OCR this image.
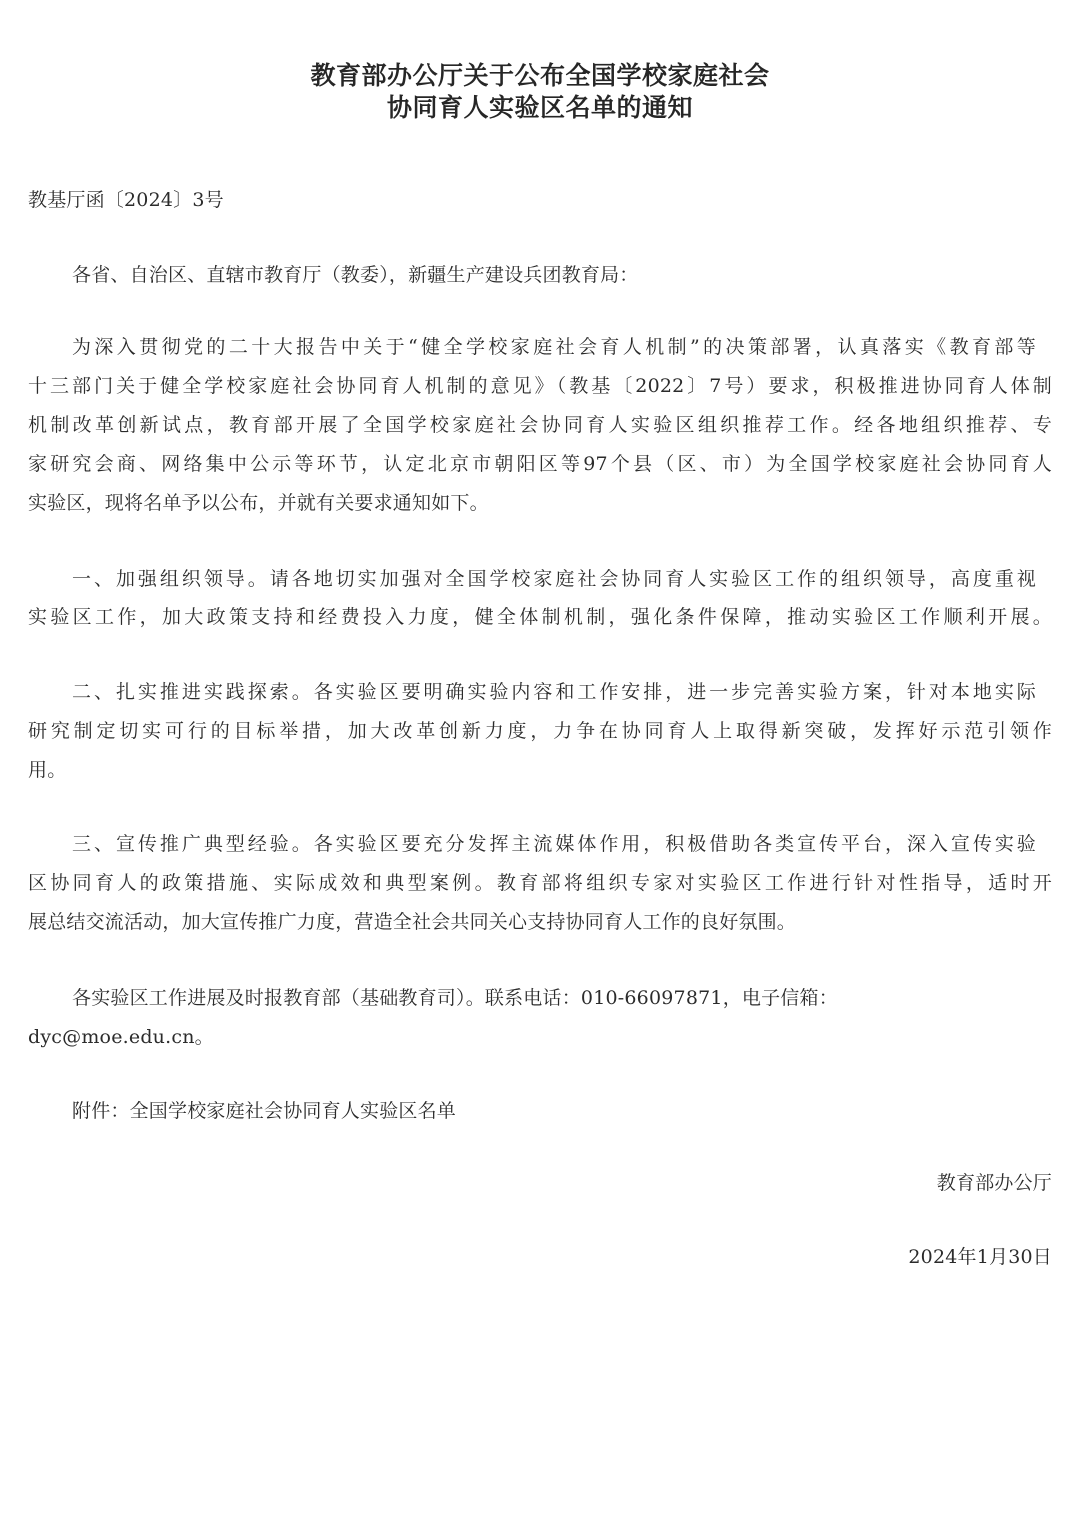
教育部办公厅关于公布全国学校家庭社会
协同育人实验区名单的通知
教基厅函〔2024〕3号
各省、自治区、直辖市教育厅（教委），新疆生产建设兵团教育局：
为深入贯彻党的二十大报告中关于“健全学校家庭社会育人机制”的决策部署，认真落实《教育部等
十三部门关于健全学校家庭社会协同育人机制的意见》（教基〔2022〕7号）要求，积极推进协同育人体制
机制改革创新试点，教育部开展了全国学校家庭社会协同育人实验区组织推荐工作。经各地组织推荐、专
家研究会商、网络集中公示等环节，认定北京市朝阳区等97个县（区、市）为全国学校家庭社会协同育人
实验区，现将名单予以公布，并就有关要求通知如下。
一、加强组织领导。请各地切实加强对全国学校家庭社会协同育人实验区工作的组织领导，高度重视
实验区工作，加大政策支持和经费投入力度，健全体制机制，强化条件保障，推动实验区工作顺利开展。
二、扎实推进实践探索。各实验区要明确实验内容和工作安排，进一步完善实验方案，针对本地实际
研究制定切实可行的目标举措，加大改革创新力度，力争在协同育人上取得新突破，发挥好示范引领作
用。
三、宣传推广典型经验。各实验区要充分发挥主流媒体作用，积极借助各类宣传平台，深入宣传实验
区协同育人的政策措施、实际成效和典型案例。教育部将组织专家对实验区工作进行针对性指导，适时开
展总结交流活动，加大宣传推广力度，营造全社会共同关心支持协同育人工作的良好氛围。
各实验区工作进展及时报教育部（基础教育司）。联系电话：010-66097871，电子信箱：
dyc@moe.edu.cn。
附件：全国学校家庭社会协同育人实验区名单
教育部办公厅
2024年1月30日
